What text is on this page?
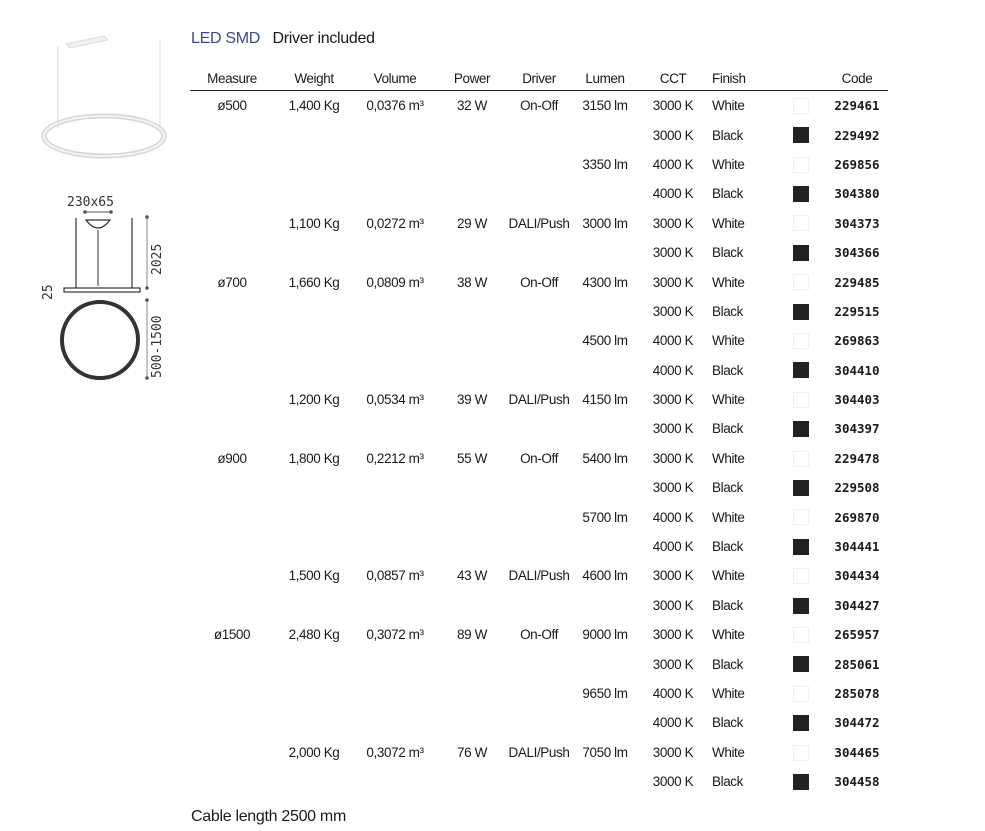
230x65
2025
25
500-1500
LED SMD Driver included
Measure	Weight	Volume	Power	Driver	Lumen	CCT	Finish		Code
ø500	1,400 Kg	0,0376 m³	32 W	On-Off	3150 lm	3000 K	White		229461
						3000 K	Black		229492
					3350 lm	4000 K	White		269856
						4000 K	Black		304380
	1,100 Kg	0,0272 m³	29 W	DALI/Push	3000 lm	3000 K	White		304373
						3000 K	Black		304366
ø700	1,660 Kg	0,0809 m³	38 W	On-Off	4300 lm	3000 K	White		229485
						3000 K	Black		229515
					4500 lm	4000 K	White		269863
						4000 K	Black		304410
	1,200 Kg	0,0534 m³	39 W	DALI/Push	4150 lm	3000 K	White		304403
						3000 K	Black		304397
ø900	1,800 Kg	0,2212 m³	55 W	On-Off	5400 lm	3000 K	White		229478
						3000 K	Black		229508
					5700 lm	4000 K	White		269870
						4000 K	Black		304441
	1,500 Kg	0,0857 m³	43 W	DALI/Push	4600 lm	3000 K	White		304434
						3000 K	Black		304427
ø1500	2,480 Kg	0,3072 m³	89 W	On-Off	9000 lm	3000 K	White		265957
						3000 K	Black		285061
					9650 lm	4000 K	White		285078
						4000 K	Black		304472
	2,000 Kg	0,3072 m³	76 W	DALI/Push	7050 lm	3000 K	White		304465
						3000 K	Black		304458
Cable length 2500 mm
